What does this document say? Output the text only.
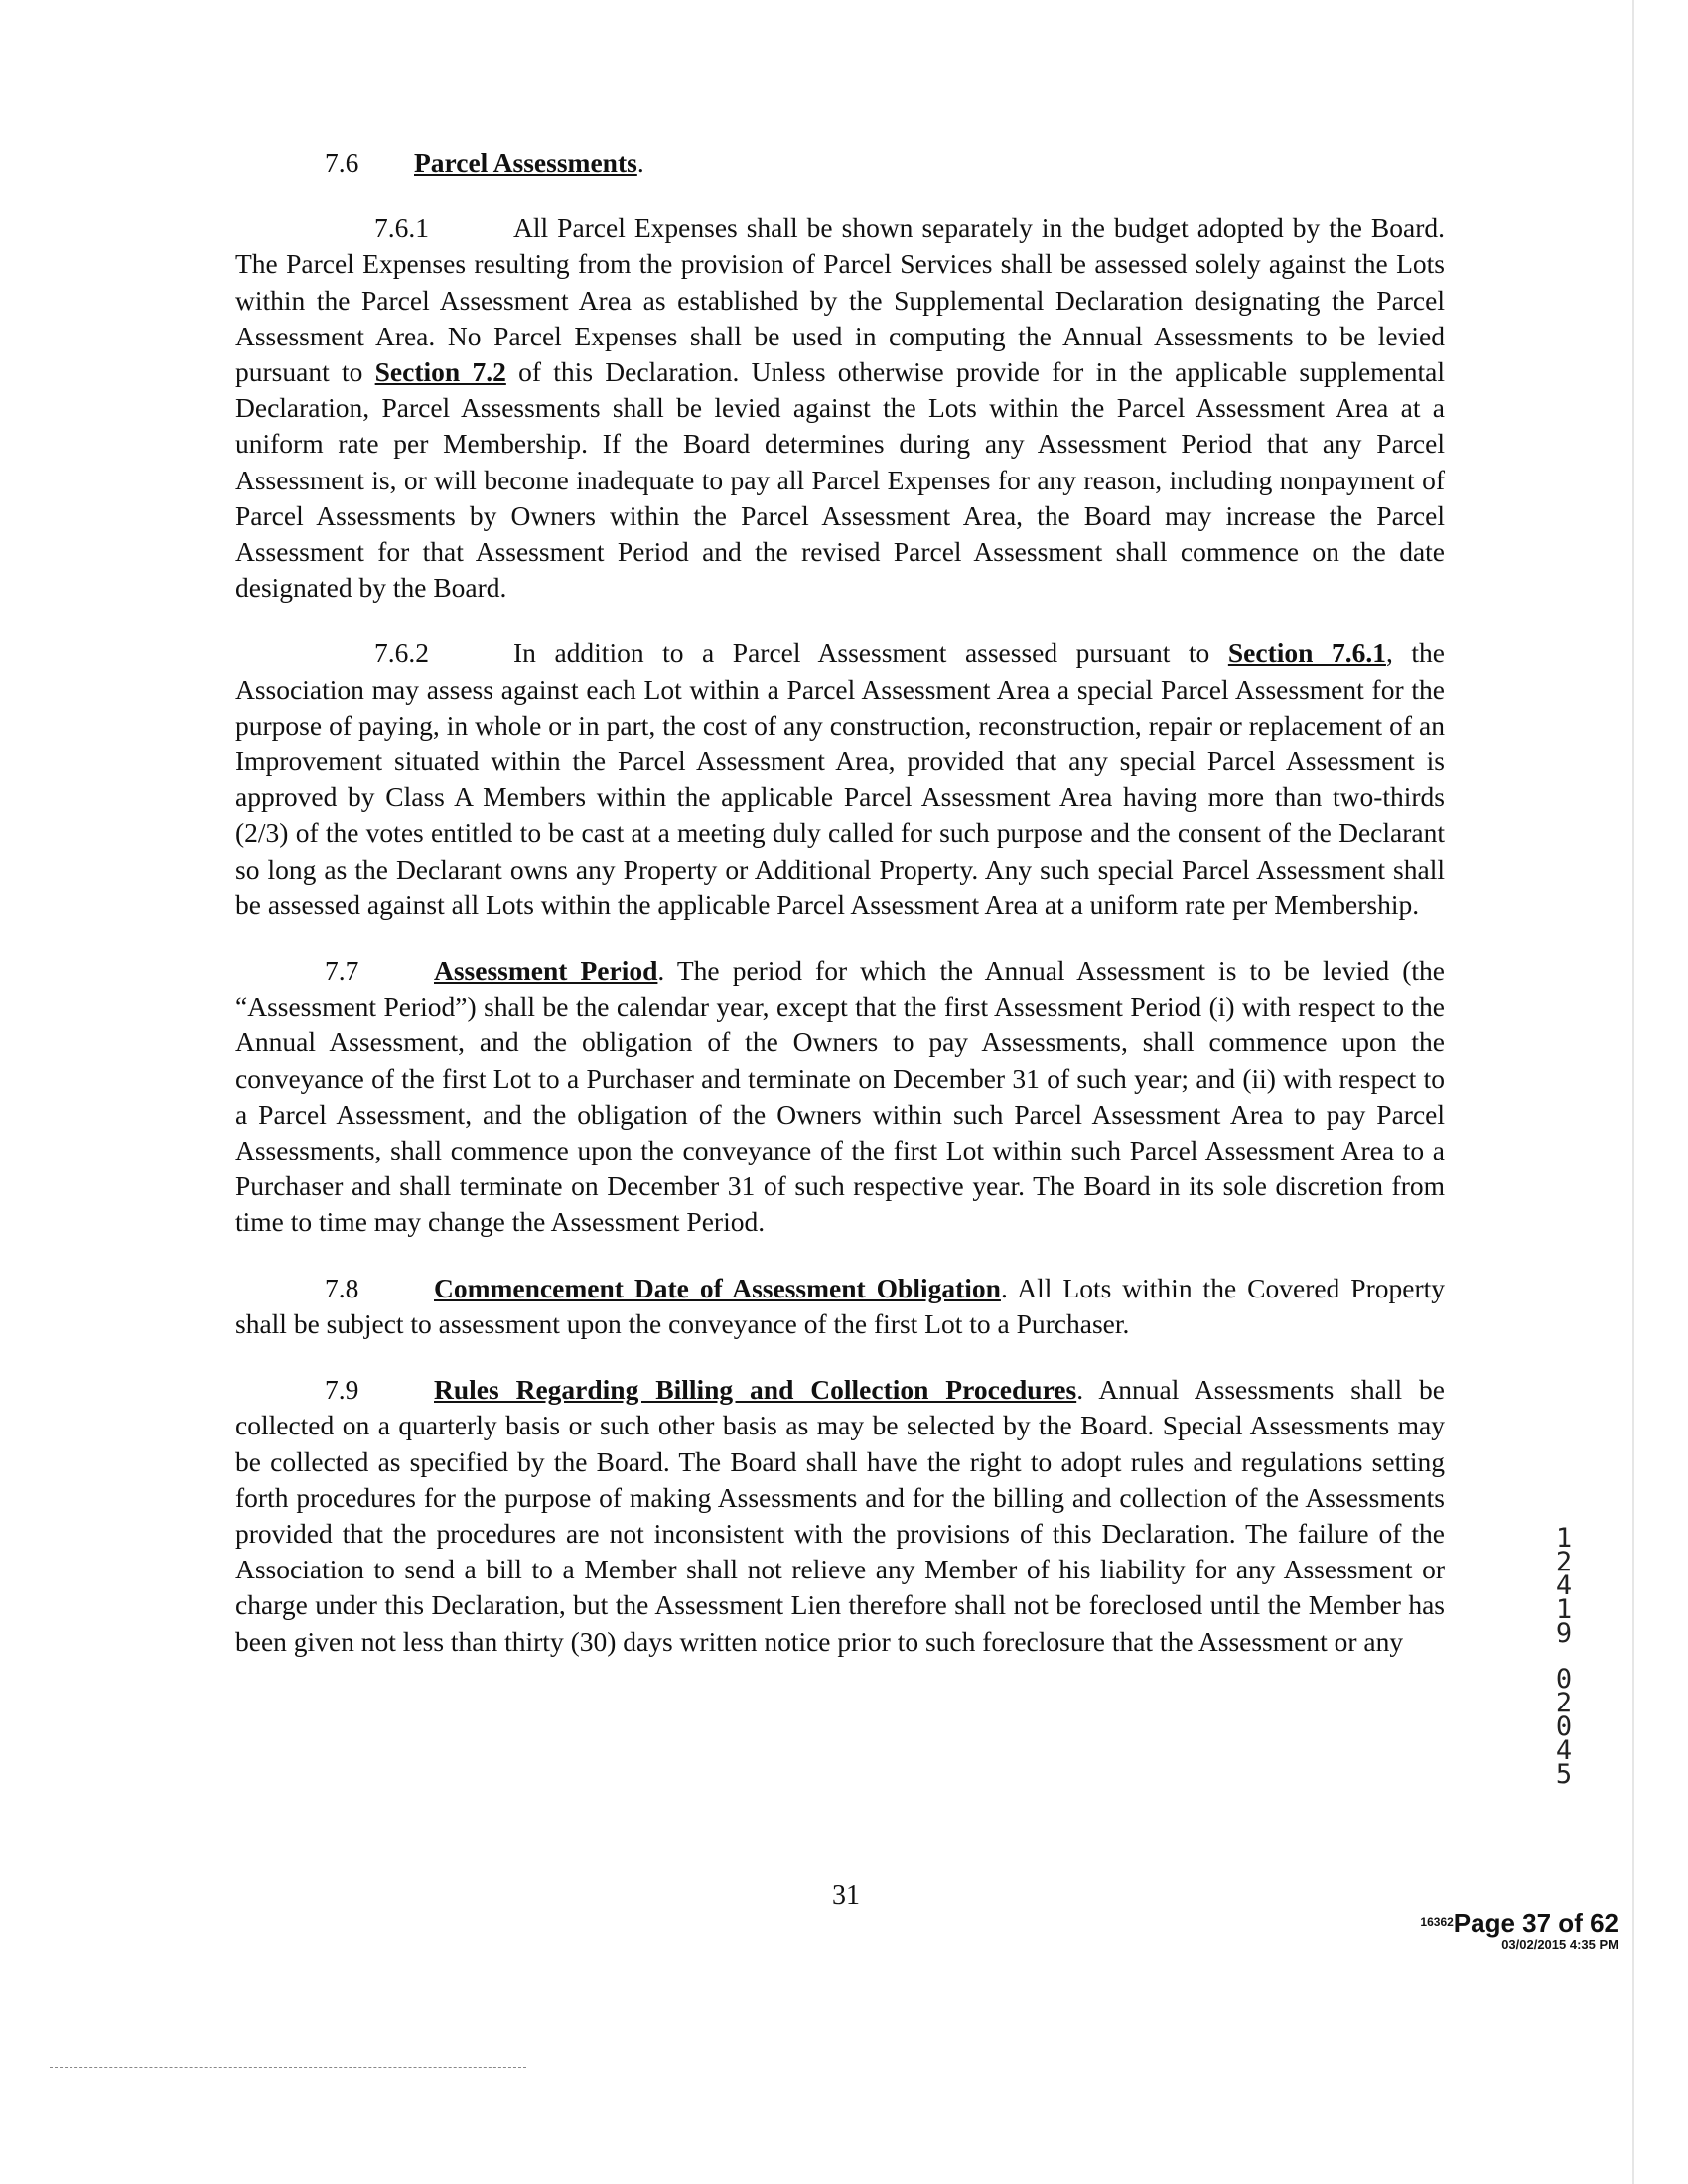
7.6 Parcel Assessments.

7.6.1	All Parcel Expenses shall be shown separately in the budget adopted by the Board. The Parcel Expenses resulting from the provision of Parcel Services shall be assessed solely against the Lots within the Parcel Assessment Area as established by the Supplemental Declaration designating the Parcel Assessment Area. No Parcel Expenses shall be used in computing the Annual Assessments to be levied pursuant to Section 7.2 of this Declaration. Unless otherwise provide for in the applicable supplemental Declaration, Parcel Assessments shall be levied against the Lots within the Parcel Assessment Area at a uniform rate per Membership. If the Board determines during any Assessment Period that any Parcel Assessment is, or will become inadequate to pay all Parcel Expenses for any reason, including nonpayment of Parcel Assessments by Owners within the Parcel Assessment Area, the Board may increase the Parcel Assessment for that Assessment Period and the revised Parcel Assessment shall commence on the date designated by the Board.

7.6.2	In addition to a Parcel Assessment assessed pursuant to Section 7.6.1, the Association may assess against each Lot within a Parcel Assessment Area a special Parcel Assessment for the purpose of paying, in whole or in part, the cost of any construction, reconstruction, repair or replacement of an Improvement situated within the Parcel Assessment Area, provided that any special Parcel Assessment is approved by Class A Members within the applicable Parcel Assessment Area having more than two-thirds (2/3) of the votes entitled to be cast at a meeting duly called for such purpose and the consent of the Declarant so long as the Declarant owns any Property or Additional Property. Any such special Parcel Assessment shall be assessed against all Lots within the applicable Parcel Assessment Area at a uniform rate per Membership.

7.7	Assessment Period. The period for which the Annual Assessment is to be levied (the “Assessment Period”) shall be the calendar year, except that the first Assessment Period (i) with respect to the Annual Assessment, and the obligation of the Owners to pay Assessments, shall commence upon the conveyance of the first Lot to a Purchaser and terminate on December 31 of such year; and (ii) with respect to a Parcel Assessment, and the obligation of the Owners within such Parcel Assessment Area to pay Parcel Assessments, shall commence upon the conveyance of the first Lot within such Parcel Assessment Area to a Purchaser and shall terminate on December 31 of such respective year. The Board in its sole discretion from time to time may change the Assessment Period.

7.8	Commencement Date of Assessment Obligation. All Lots within the Covered Property shall be subject to assessment upon the conveyance of the first Lot to a Purchaser.

7.9	Rules Regarding Billing and Collection Procedures. Annual Assessments shall be collected on a quarterly basis or such other basis as may be selected by the Board. Special Assessments may be collected as specified by the Board. The Board shall have the right to adopt rules and regulations setting forth procedures for the purpose of making Assessments and for the billing and collection of the Assessments provided that the procedures are not inconsistent with the provisions of this Declaration. The failure of the Association to send a bill to a Member shall not relieve any Member of his liability for any Assessment or charge under this Declaration, but the Assessment Lien therefore shall not be foreclosed until the Member has been given not less than thirty (30) days written notice prior to such foreclosure that the Assessment or any

1
2
4
1
9
0
2
0
4
5
31
$^{16362}$Page 37 of 62
03/02/2015 4:35 PM
